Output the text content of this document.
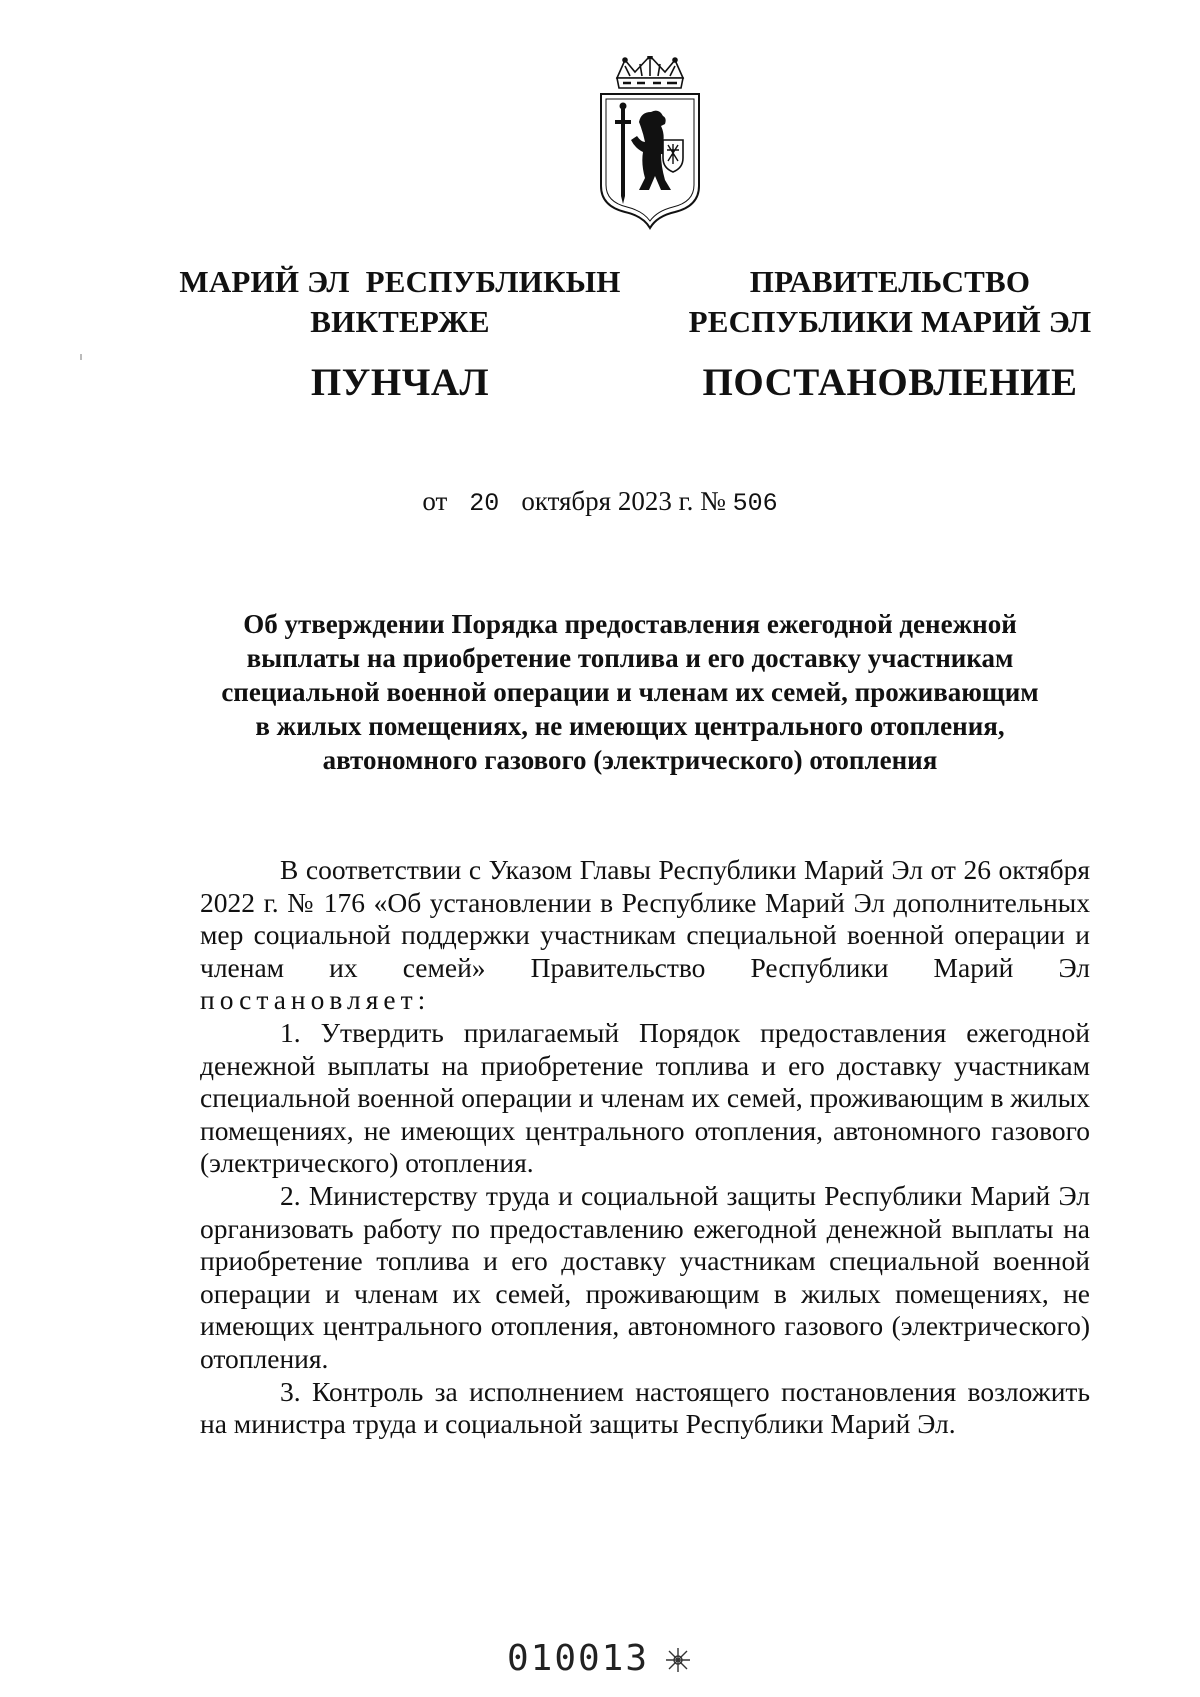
МАРИЙ ЭЛ  РЕСПУБЛИКЫН
ВИКТЕРЖЕ
ПУНЧАЛ
ПРАВИТЕЛЬСТВО
РЕСПУБЛИКИ МАРИЙ ЭЛ
ПОСТАНОВЛЕНИЕ
от 20 октября 2023 г. № 506
Об утверждении Порядка предоставления ежегодной денежной
выплаты на приобретение топлива и его доставку участникам
специальной военной операции и членам их семей, проживающим
в жилых помещениях, не имеющих центрального отопления,
автономного газового (электрического) отопления

В соответствии с Указом Главы Республики Марий Эл от 26 октября 2022 г. № 176 «Об установлении в Республике Марий Эл дополнительных мер социальной поддержки участникам специальной военной операции и членам их семей» Правительство Республики Марий Эл постановляет:

1. Утвердить прилагаемый Порядок предоставления ежегодной денежной выплаты на приобретение топлива и его доставку участникам специальной военной операции и членам их семей, проживающим в жилых помещениях, не имеющих центрального отопления, автономного газового (электрического) отопления.

2. Министерству труда и социальной защиты Республики Марий Эл организовать работу по предоставлению ежегодной денежной выплаты на приобретение топлива и его доставку участникам специальной военной операции и членам их семей, проживающим в жилых помещениях, не имеющих центрального отопления, автономного газового (электрического) отопления.

3. Контроль за исполнением настоящего постановления возложить на министра труда и социальной защиты Республики Марий Эл.

010013
